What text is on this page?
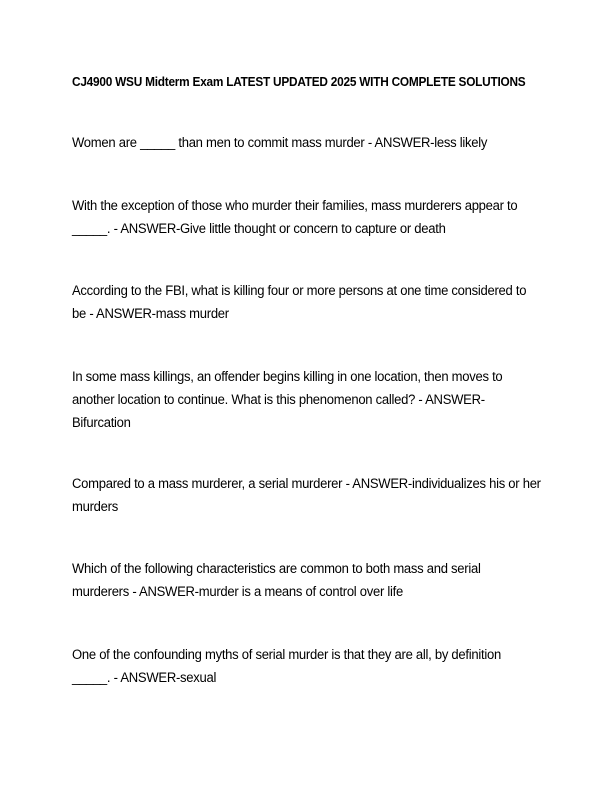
CJ4900 WSU Midterm Exam LATEST UPDATED 2025 WITH COMPLETE SOLUTIONS

Women are _____ than men to commit mass murder - ANSWER-less likely

With the exception of those who murder their families, mass murderers appear to _____. - ANSWER-Give little thought or concern to capture or death

According to the FBI, what is killing four or more persons at one time considered to be - ANSWER-mass murder

In some mass killings, an offender begins killing in one location, then moves to another location to continue. What is this phenomenon called? - ANSWER-Bifurcation

Compared to a mass murderer, a serial murderer - ANSWER-individualizes his or her murders

Which of the following characteristics are common to both mass and serial murderers - ANSWER-murder is a means of control over life

One of the confounding myths of serial murder is that they are all, by definition _____. - ANSWER-sexual
